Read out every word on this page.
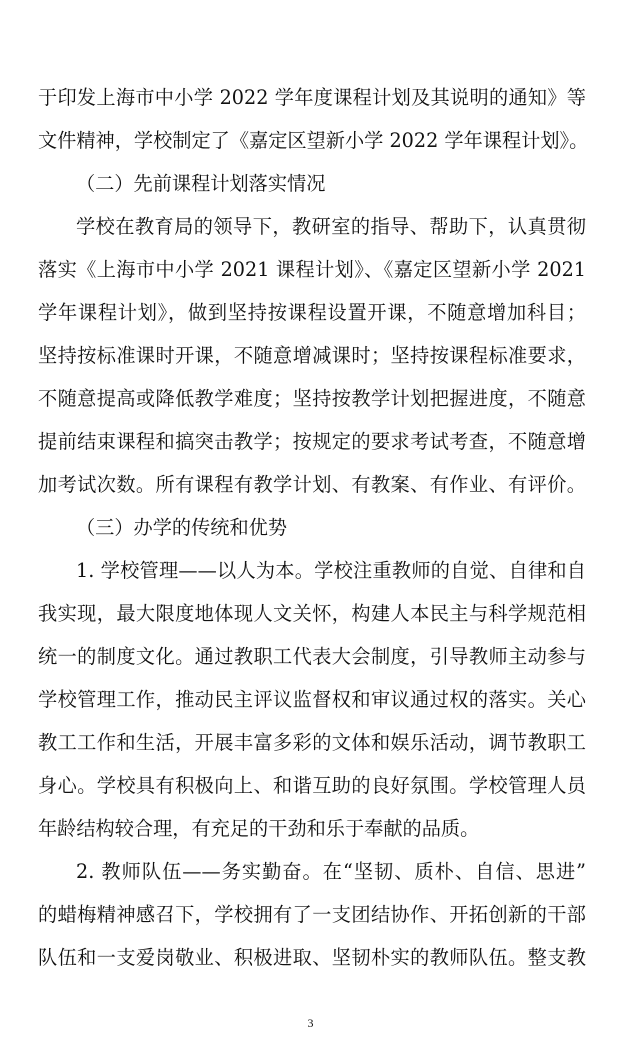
于印发上海市中小学 2022 学年度课程计划及其说明的通知》等
文件精神，学校制定了《嘉定区望新小学 2022 学年课程计划》。
（二）先前课程计划落实情况
学校在教育局的领导下，教研室的指导、帮助下，认真贯彻
落实《上海市中小学 2021 课程计划》、《嘉定区望新小学 2021
学年课程计划》，做到坚持按课程设置开课，不随意增加科目；
坚持按标准课时开课，不随意增减课时；坚持按课程标准要求，
不随意提高或降低教学难度；坚持按教学计划把握进度，不随意
提前结束课程和搞突击教学；按规定的要求考试考查，不随意增
加考试次数。所有课程有教学计划、有教案、有作业、有评价。
（三）办学的传统和优势
1. 学校管理——以人为本。学校注重教师的自觉、自律和自
我实现，最大限度地体现人文关怀，构建人本民主与科学规范相
统一的制度文化。通过教职工代表大会制度，引导教师主动参与
学校管理工作，推动民主评议监督权和审议通过权的落实。关心
教工工作和生活，开展丰富多彩的文体和娱乐活动，调节教职工
身心。学校具有积极向上、和谐互助的良好氛围。学校管理人员
年龄结构较合理，有充足的干劲和乐于奉献的品质。
2. 教师队伍——务实勤奋。在“坚韧、质朴、自信、思进”
的蜡梅精神感召下，学校拥有了一支团结协作、开拓创新的干部
队伍和一支爱岗敬业、积极进取、坚韧朴实的教师队伍。整支教
3
